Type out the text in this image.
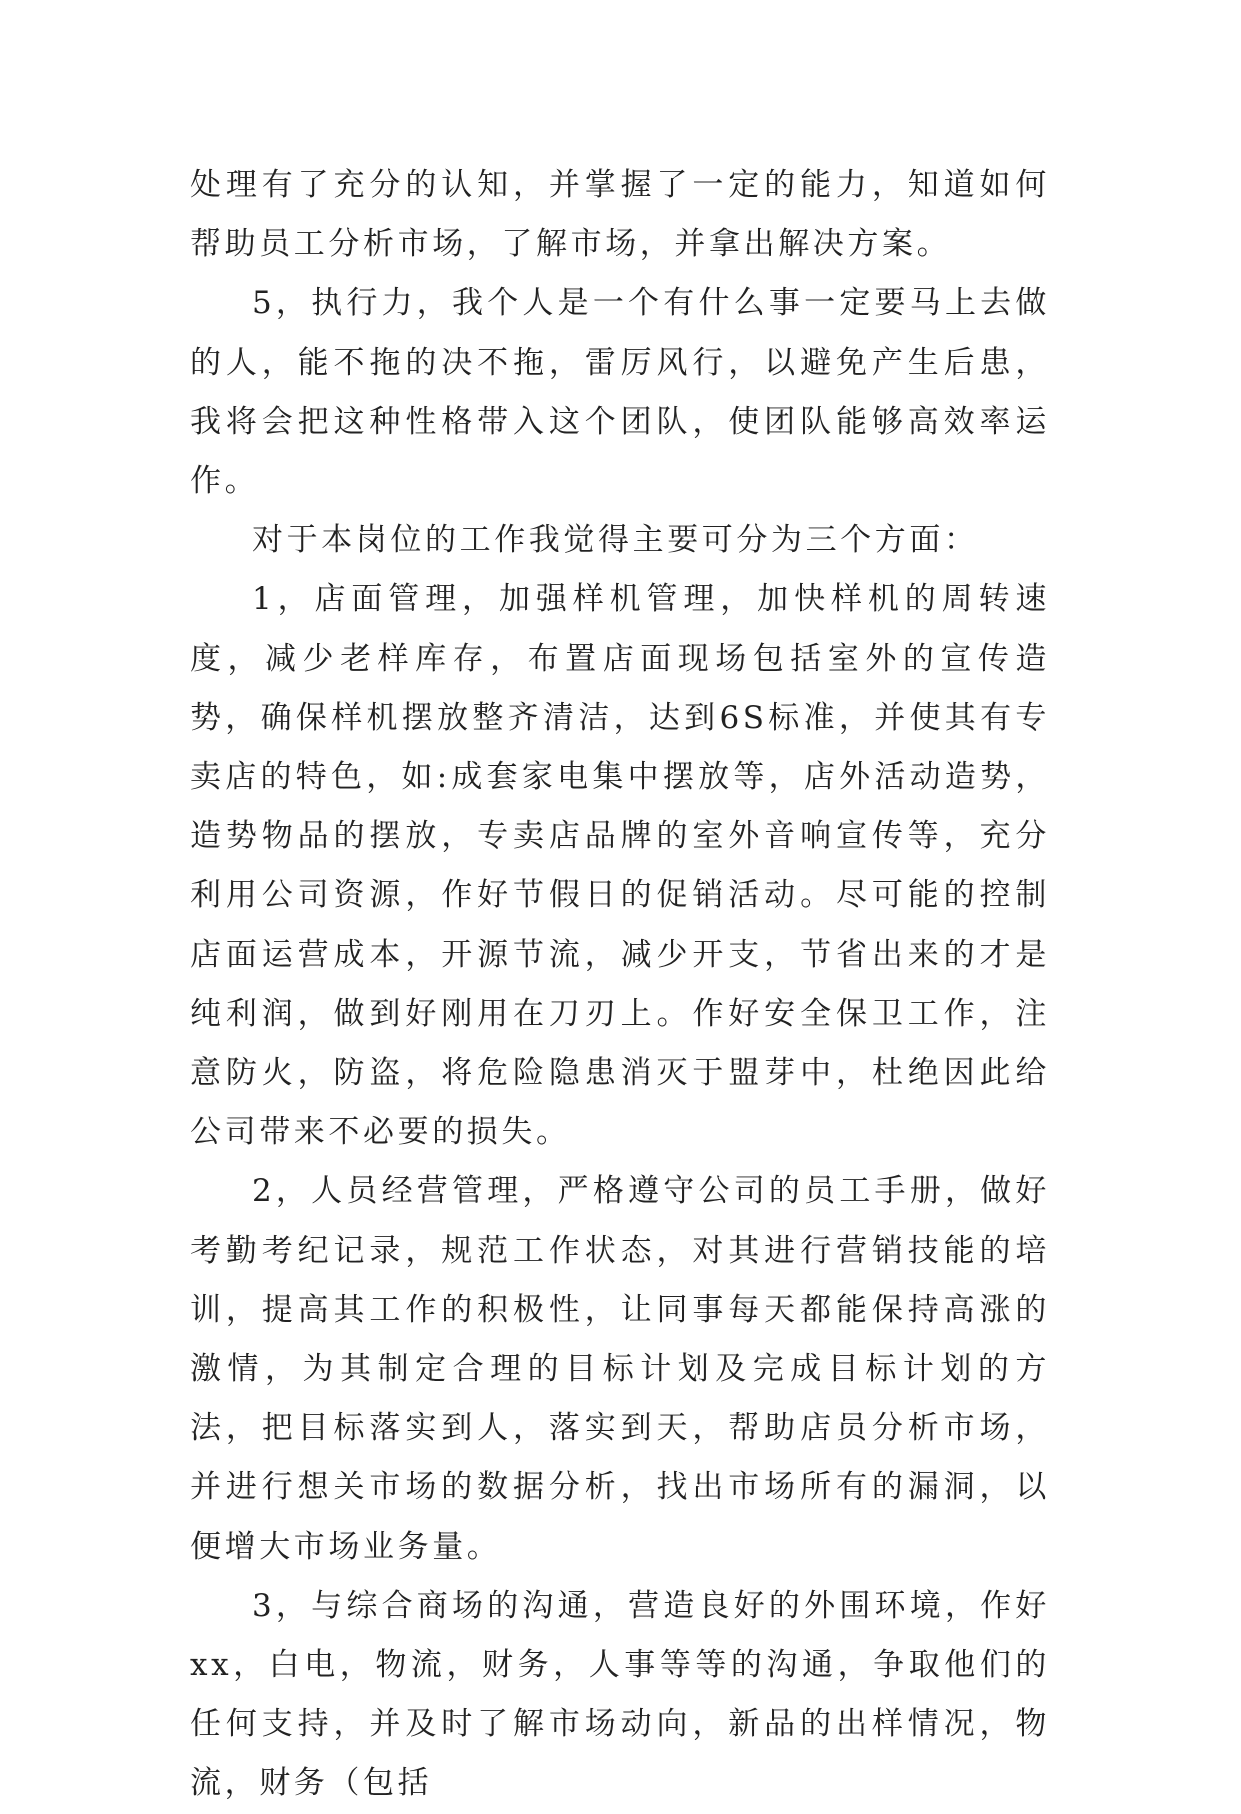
处理有了充分的认知，并掌握了一定的能力，知道如何帮助员工分析市场，了解市场，并拿出解决方案。

5，执行力，我个人是一个有什么事一定要马上去做的人，能不拖的决不拖，雷厉风行，以避免产生后患，我将会把这种性格带入这个团队，使团队能够高效率运作。

对于本岗位的工作我觉得主要可分为三个方面：

1，店面管理，加强样机管理，加快样机的周转速度，减少老样库存，布置店面现场包括室外的宣传造势，确保样机摆放整齐清洁，达到6S标准，并使其有专卖店的特色，如:成套家电集中摆放等，店外活动造势，造势物品的摆放，专卖店品牌的室外音响宣传等，充分利用公司资源，作好节假日的促销活动。尽可能的控制店面运营成本，开源节流，减少开支，节省出来的才是纯利润，做到好刚用在刀刃上。作好安全保卫工作，注意防火，防盗，将危险隐患消灭于盟芽中，杜绝因此给公司带来不必要的损失。

2，人员经营管理，严格遵守公司的员工手册，做好考勤考纪记录，规范工作状态，对其进行营销技能的培训，提高其工作的积极性，让同事每天都能保持高涨的激情，为其制定合理的目标计划及完成目标计划的方法，把目标落实到人，落实到天，帮助店员分析市场，并进行想关市场的数据分析，找出市场所有的漏洞，以便增大市场业务量。

3，与综合商场的沟通，营造良好的外围环境，作好xx，白电，物流，财务，人事等等的沟通，争取他们的任何支持，并及时了解市场动向，新品的出样情况，物流，财务（包括
